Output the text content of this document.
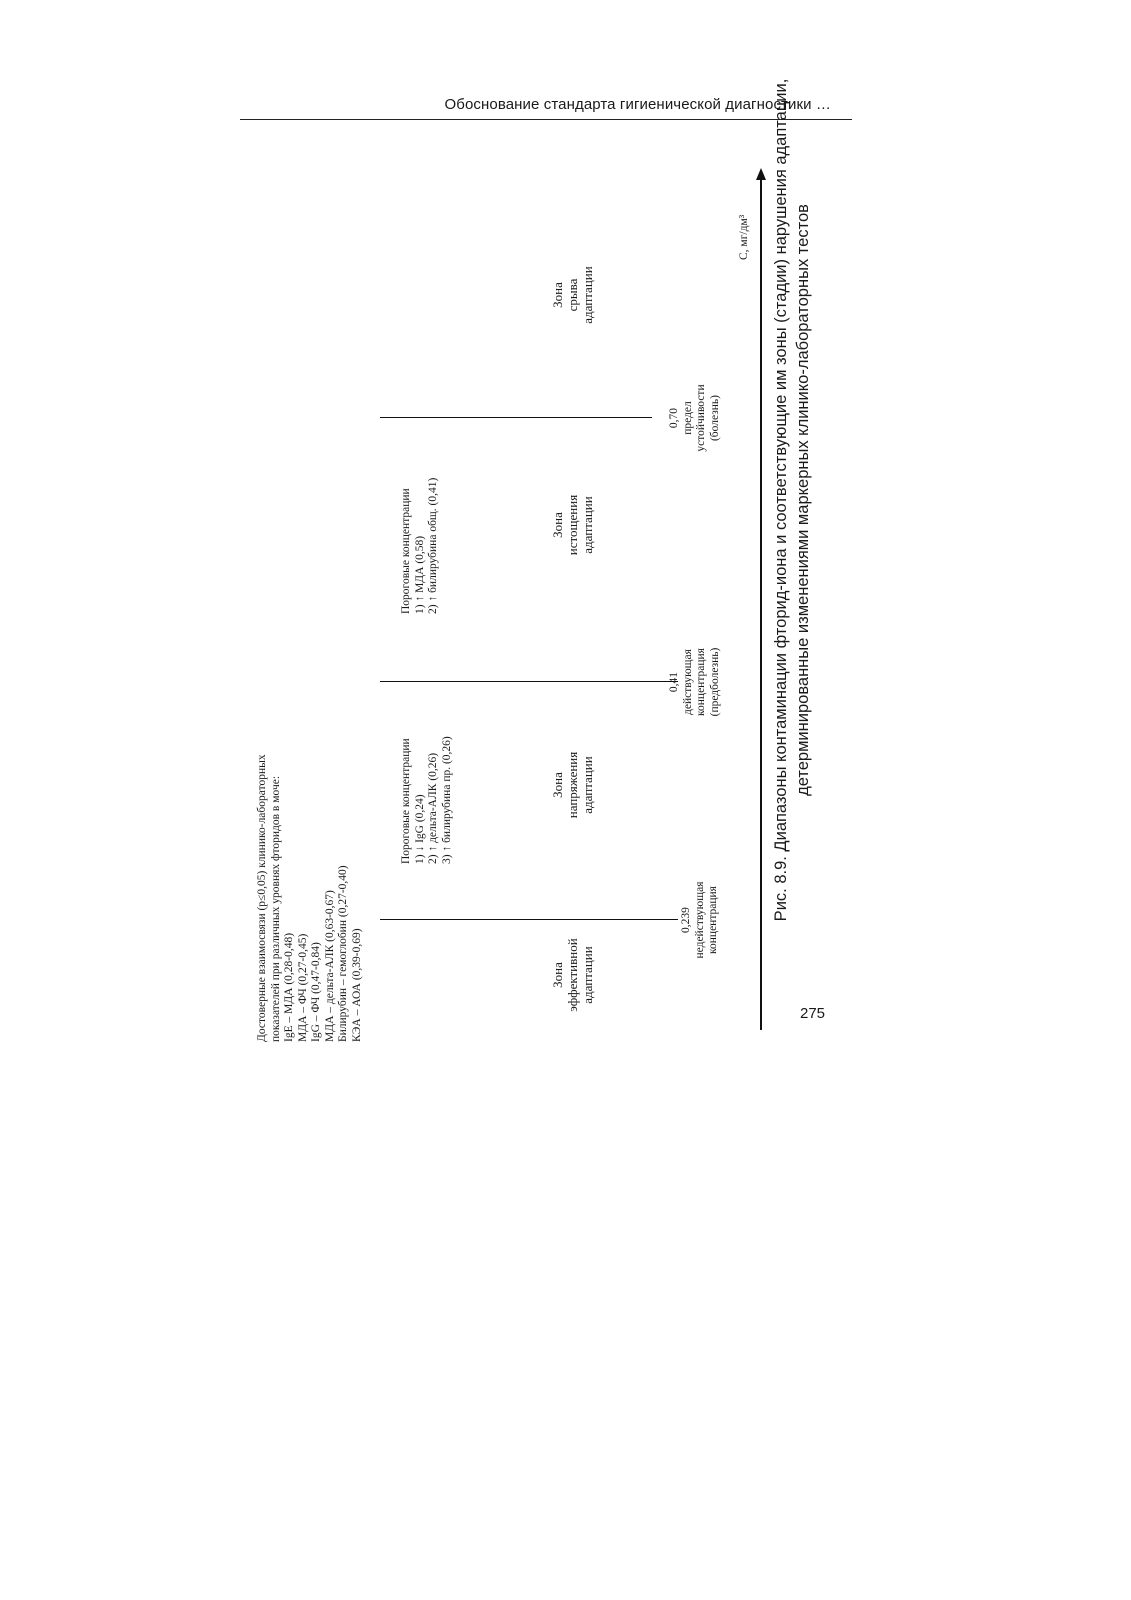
Обоснование стандарта гигиенической диагностики …
Достоверные взаимосвязи (p≤0,05) клинико-лабораторных показателей при различных уровнях фторидов в моче: IgE – МДА (0,28-0,48) МДА – ФЧ (0,27-0,45) IgG – ФЧ (0,47-0,84) МДА – дельта-АЛК (0,63-0,67) Билирубин – гемоглобин (0,27-0,40) КЭА – АОА (0,39-0,69)
Пороговые концентрации 1) ↓ IgG (0,24) 2) ↑ дельта-АЛК (0,26) 3) ↑ билирубина пр. (0,26)
Пороговые концентрации 1) ↑ МДА (0,58) 2) ↑ билирубина общ. (0,41)
Зона эффективной адаптации
Зона напряжения адаптации
Зона истощения адаптации
Зона срыва адаптации
0,239 недействующая концентрация
0,41 действующая концентрация (предболезнь)
0,70 предел устойчивости (болезнь)
С, мг/дм³ Рис. 8.9. Диапазоны контаминации фторид-иона и соответствующие им зоны (стадии) нарушения адаптации, детерминированные изменениями маркерных клинико-лабораторных тестов
275
